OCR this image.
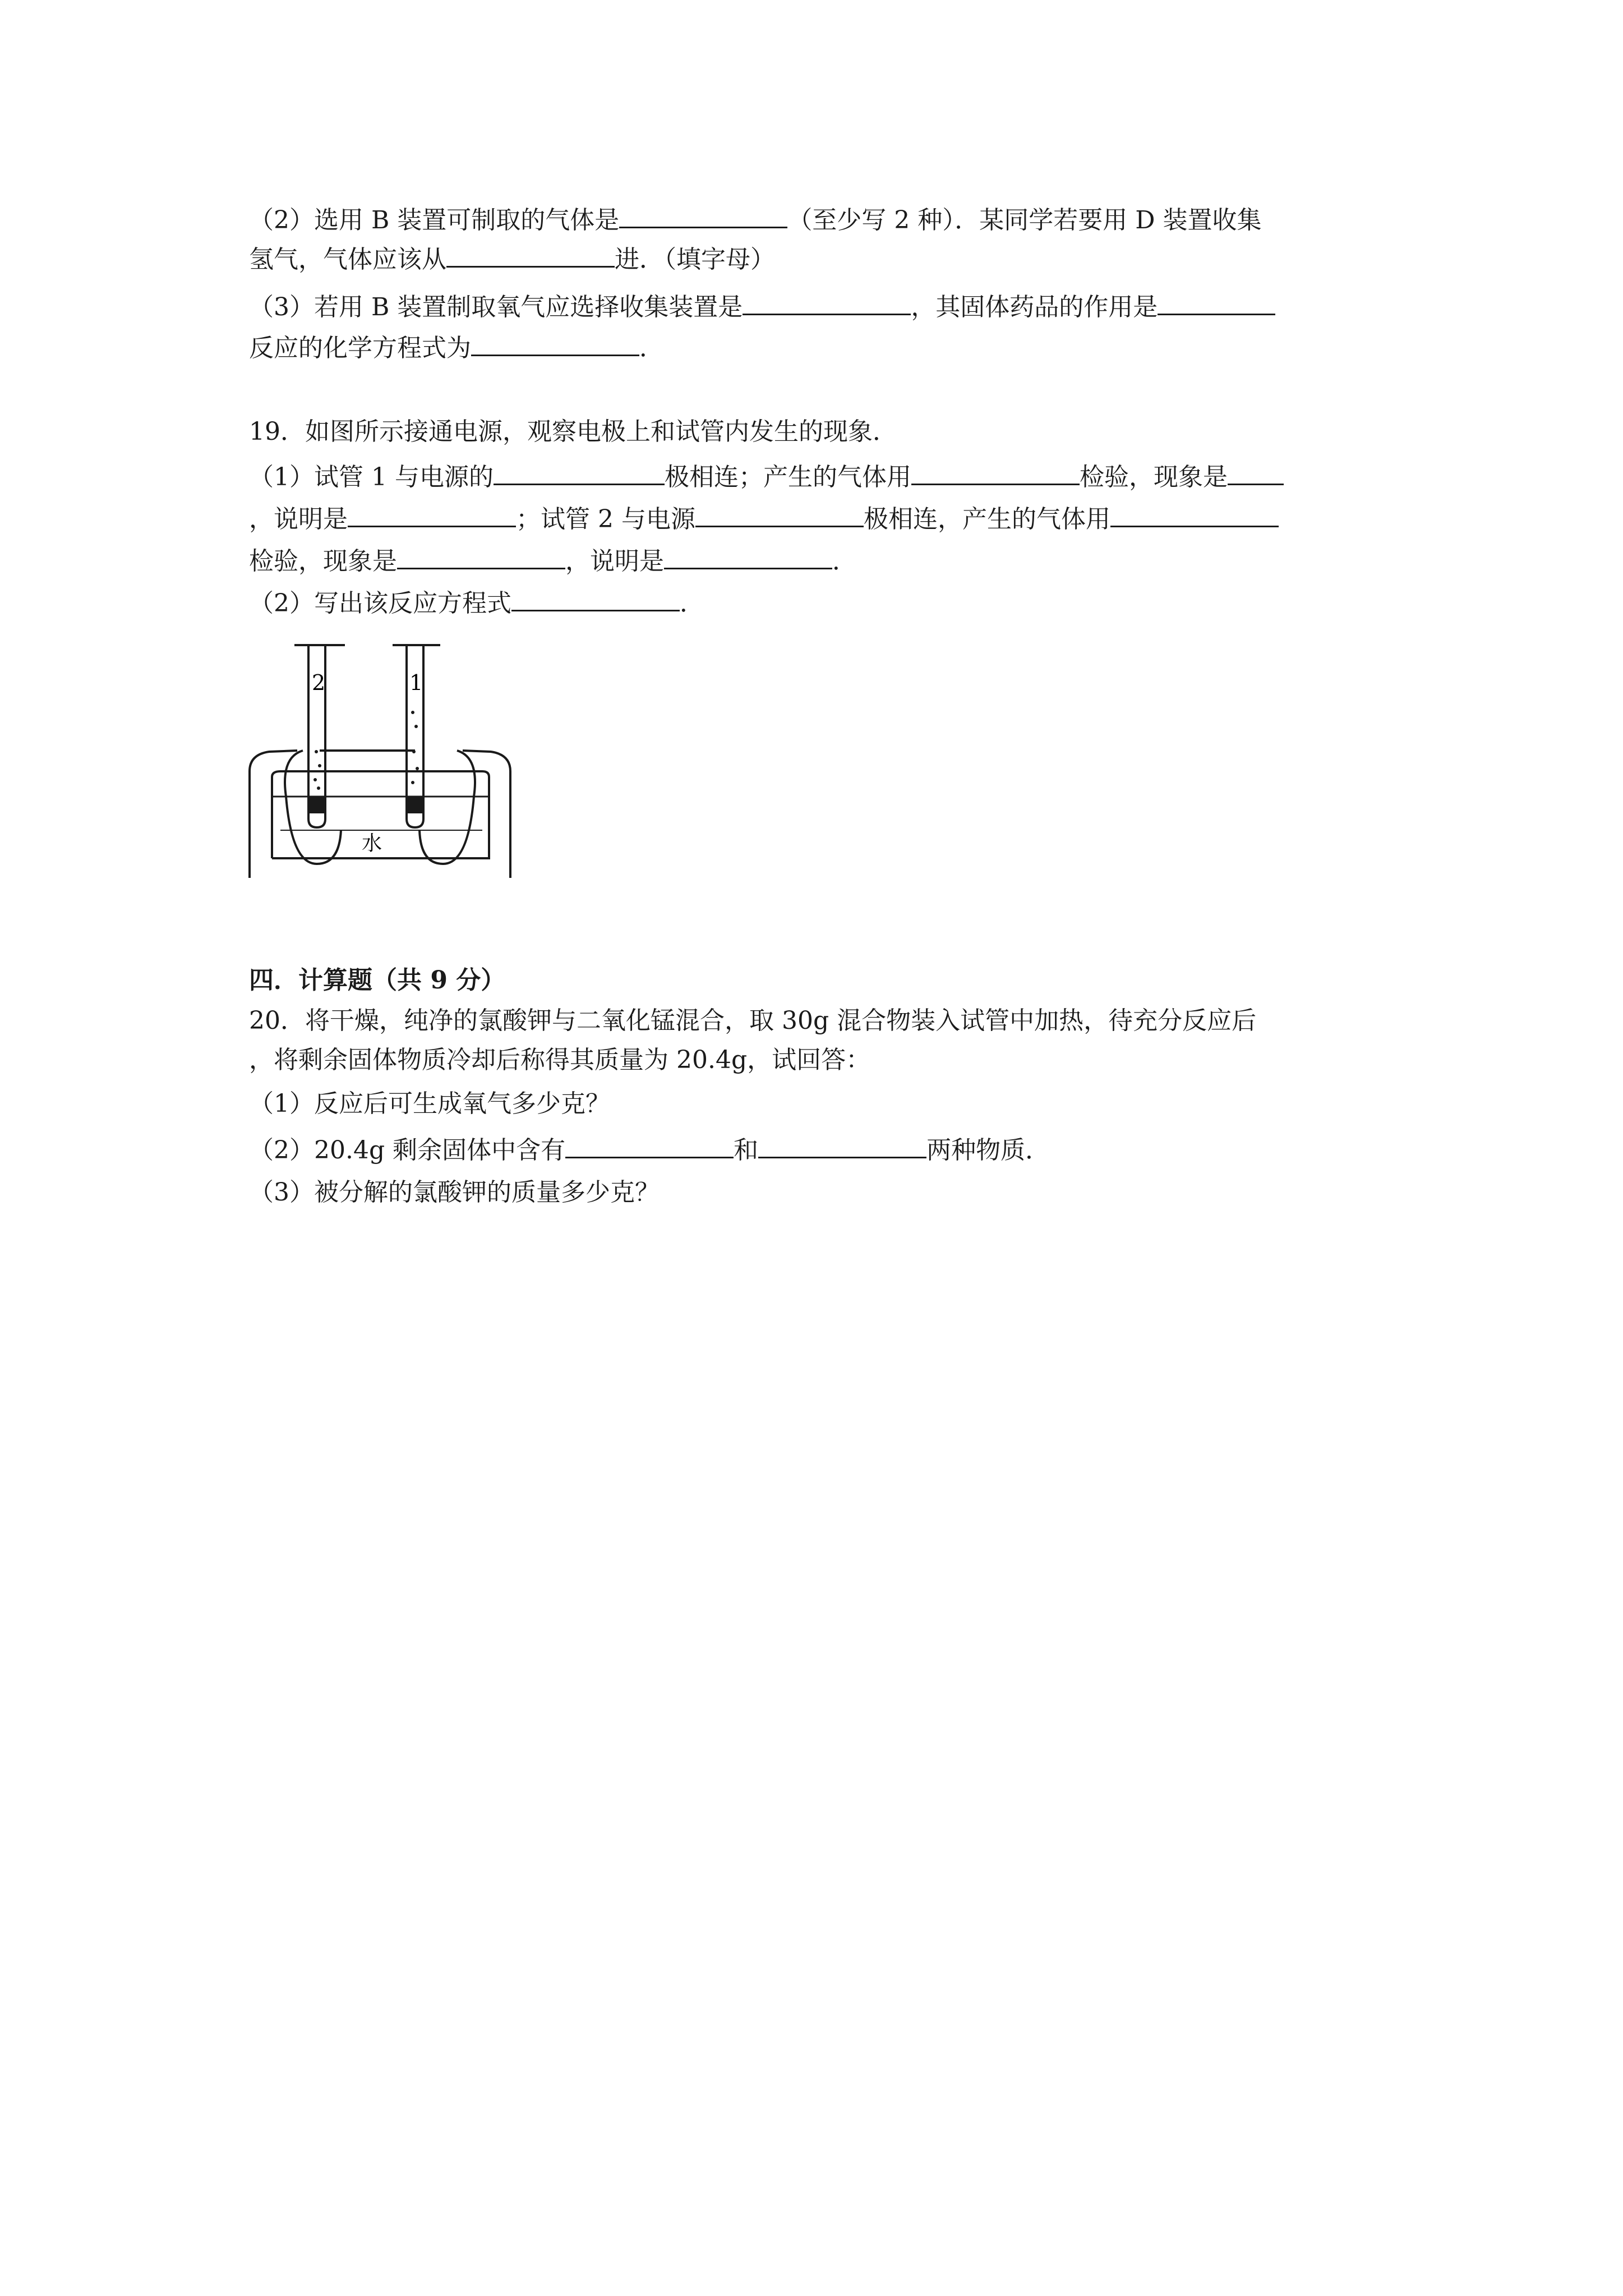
（2）选用 B 装置可制取的气体是	（至少写 2 种）．某同学若要用 D 装置收集
氢气，气体应该从	进．（填字母）
（3）若用 B 装置制取氧气应选择收集装置是	，其固体药品的作用是
反应的化学方程式为	．
19．如图所示接通电源，观察电极上和试管内发生的现象．
（1）试管 1 与电源的	极相连；产生的气体用	检验，现象是
，说明是	；试管 2 与电源	极相连，产生的气体用
检验，现象是	，说明是	．
（2）写出该反应方程式	．
2	1
水
四．计算题（共 9 分）
20．将干燥，纯净的氯酸钾与二氧化锰混合，取 30g 混合物装入试管中加热，待充分反应后
，将剩余固体物质冷却后称得其质量为 20.4g，试回答：
（1）反应后可生成氧气多少克？
（2）20.4g 剩余固体中含有	和	两种物质．
（3）被分解的氯酸钾的质量多少克？
